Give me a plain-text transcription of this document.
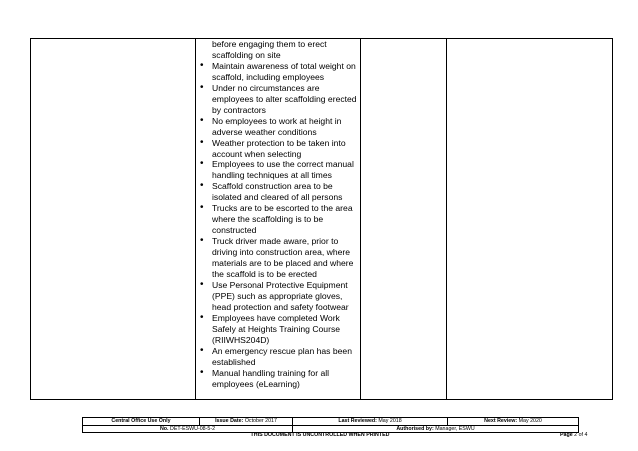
before engaging them to erect
scaffolding on site
• Maintain awareness of total weight on
scaffold, including employees
• Under no circumstances are
employees to alter scaffolding erected
by contractors
• No employees to work at height in
adverse weather conditions
• Weather protection to be taken into
account when selecting
• Employees to use the correct manual
handling techniques at all times
• Scaffold construction area to be
isolated and cleared of all persons
• Trucks are to be escorted to the area
where the scaffolding is to be
constructed
• Truck driver made aware, prior to
driving into construction area, where
materials are to be placed and where
the scaffold is to be erected
• Use Personal Protective Equipment
(PPE) such as appropriate gloves,
head protection and safety footwear
• Employees have completed Work
Safely at Heights Training Course
(RIIWHS204D)
• An emergency rescue plan has been
established
• Manual handling training for all
employees (eLearning)

Central Office Use Only	Issue Date: October 2017	Last Reviewed: May 2018	Next Review: May 2020
No. DET-ESWU-08-5-2		Authorised by: Manager, ESWU	
THIS DOCUMENT IS UNCONTROLLED WHEN PRINTED	Page 2 of 4
